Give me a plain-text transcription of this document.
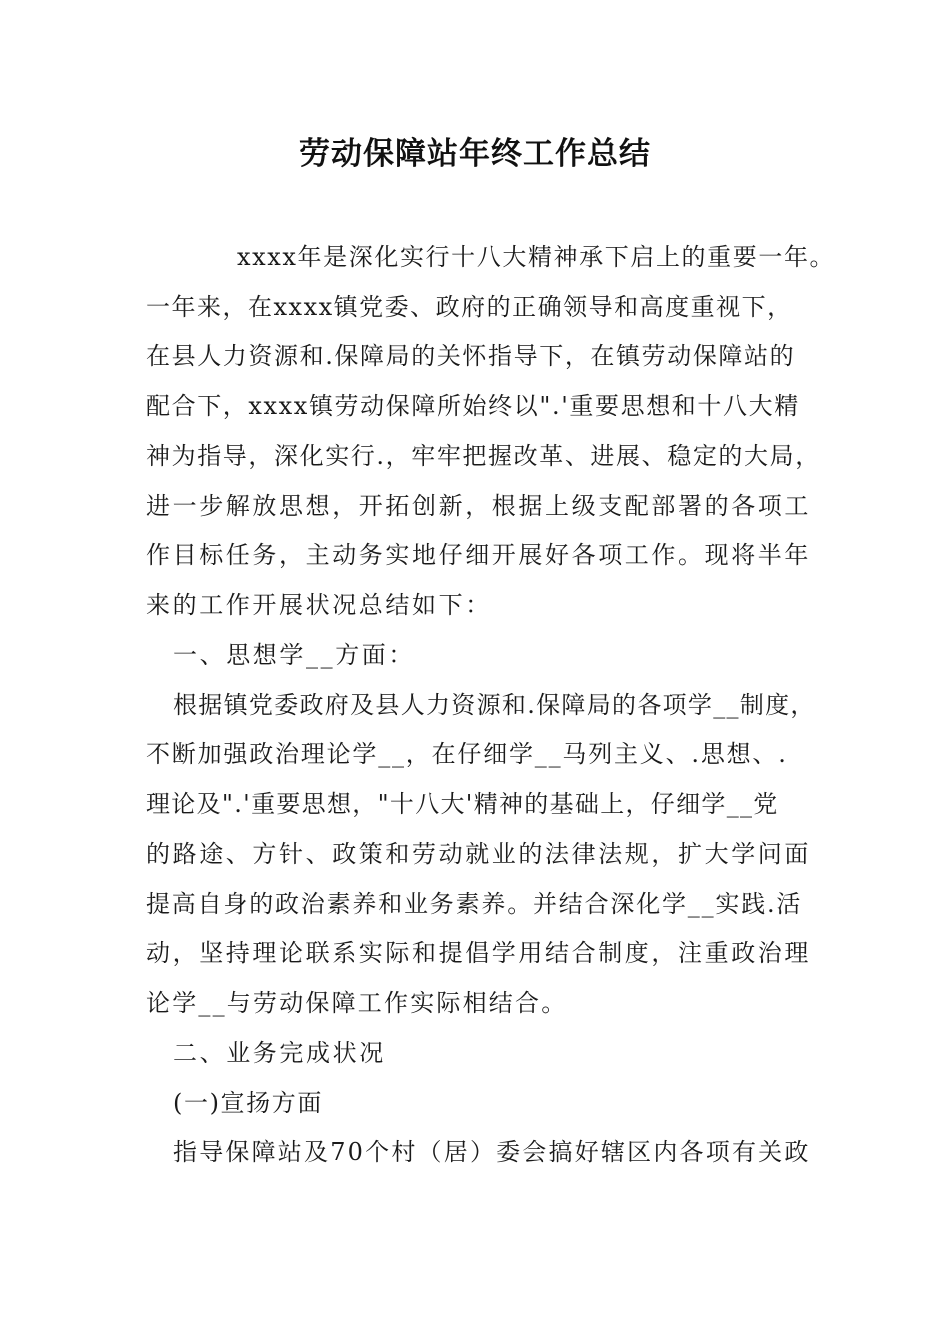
劳动保障站年终工作总结
xxxx年是深化实行十八大精神承下启上的重要一年。
一年来，在xxxx镇党委、政府的正确领导和高度重视下，
在县人力资源和.保障局的关怀指导下，在镇劳动保障站的
配合下，xxxx镇劳动保障所始终以".'重要思想和十八大精
神为指导，深化实行.，牢牢把握改革、进展、稳定的大局，
进一步解放思想，开拓创新，根据上级支配部署的各项工
作目标任务，主动务实地仔细开展好各项工作。现将半年
来的工作开展状况总结如下：
一、思想学__方面：
根据镇党委政府及县人力资源和.保障局的各项学__制度，
不断加强政治理论学__，在仔细学__马列主义、.思想、.
理论及".'重要思想，"十八大'精神的基础上，仔细学__党
的路途、方针、政策和劳动就业的法律法规，扩大学问面
提高自身的政治素养和业务素养。并结合深化学__实践.活
动，坚持理论联系实际和提倡学用结合制度，注重政治理
论学__与劳动保障工作实际相结合。
二、业务完成状况
(一)宣扬方面
指导保障站及70个村（居）委会搞好辖区内各项有关政
